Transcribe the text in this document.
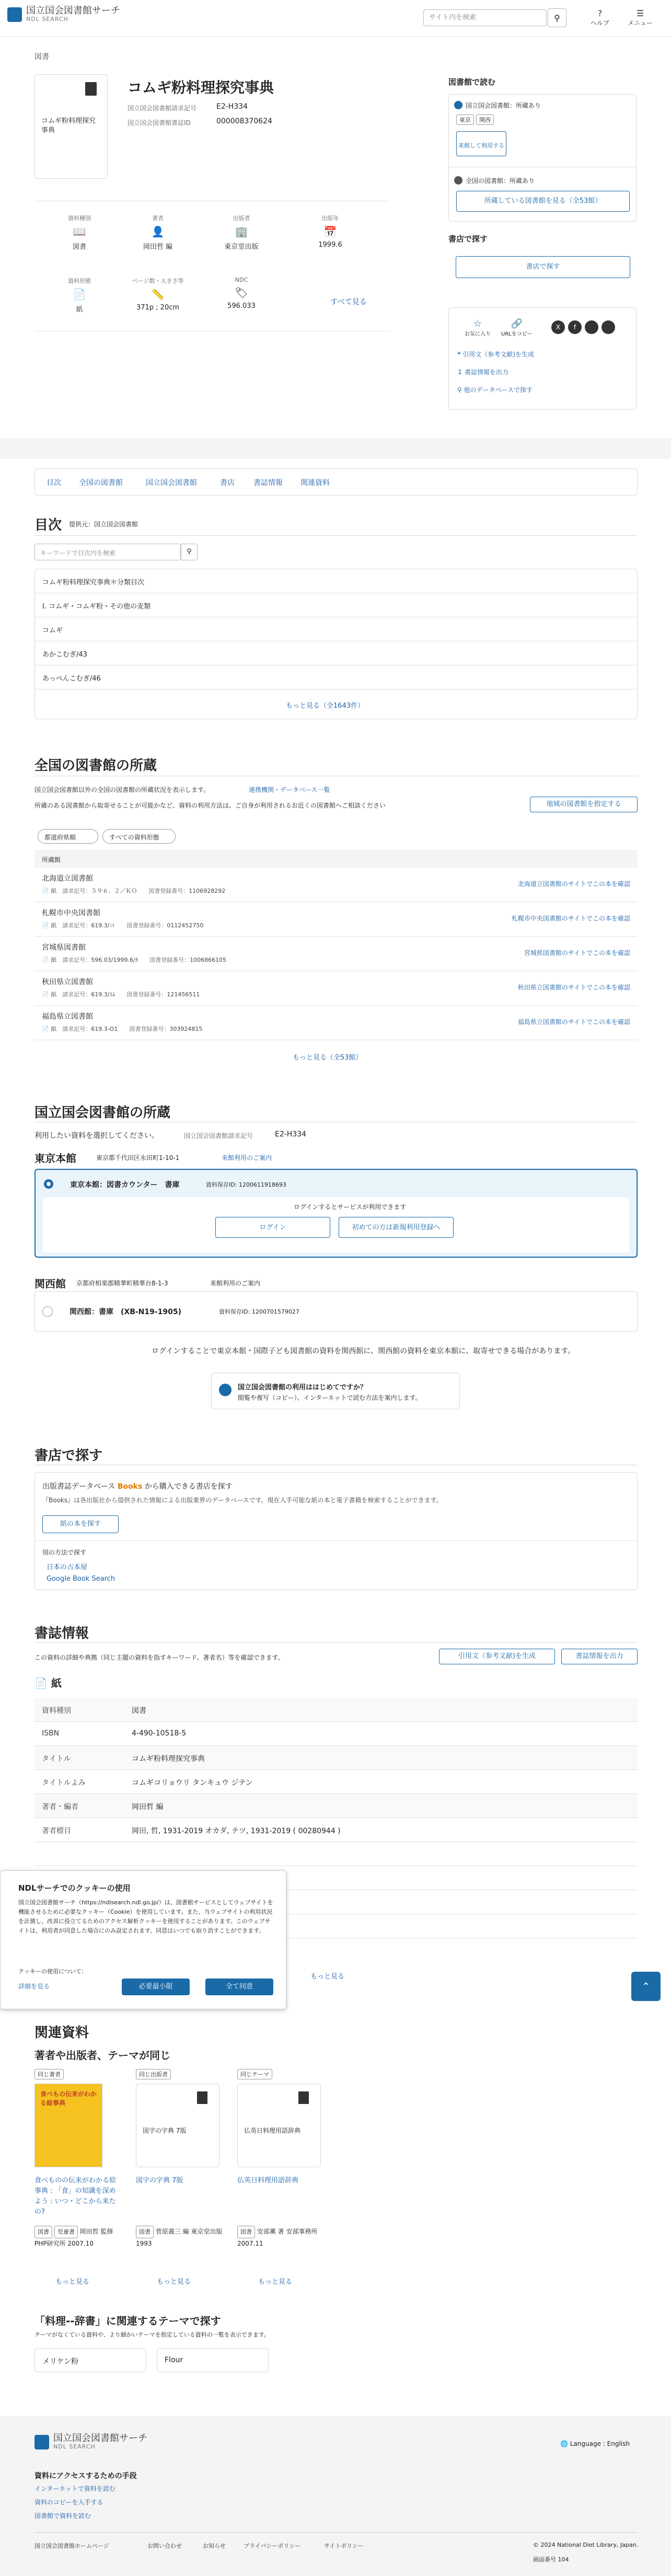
国立国会図書館サーチ
NDL SEARCH	サイト内を検索	⚲	?
ヘルプ
☰
メニュー
図書
コムギ粉料理探究事典
コムギ粉料理探究事典
国立国会図書館請求記号	E2-H334
国立国会図書館書誌ID	000008370624
資料種別
📖
図書
著者
👤
岡田哲 編
出版者
🏢
東京堂出版
出版年
📅
1999.6
資料形態
📄
紙
ページ数・大きさ等
📏
371p ; 20cm
NDC
🏷
596.033	すべて見る
図書館で読む
国立国会図書館：所蔵あり
東京 関西
来館して利用する
全国の図書館：所蔵あり
所蔵している図書館を見る（全53館）
書店で探す
書店で探す
☆
お気に入り
🔗
URLをコピー
X	f
❝ 引用文（参考文献)を生成
↧ 書誌情報を出力
⚲ 他のデータベースで探す
目次 全国の図書館	国立国会図書館	書店	書誌情報 関連資料
目次 提供元：国立国会図書館
キーワードで目次内を検索	⚲
コムギ粉料理探究事典＊分類目次
I. コムギ・コムギ粉・その他の麦類
コムギ
あかこむぎ/43
あっぺんこむぎ/46
もっと見る（全1643件）
全国の図書館の所蔵
国立国会図書館以外の全国の図書館の所蔵状況を表示します。	連携機関・データベース一覧
所蔵のある図書館から取寄せることが可能かなど、資料の利用方法は、ご自身が利用されるお近くの図書館へご相談ください	地域の図書館を指定する
都道府県順	すべての資料形態
所蔵館
北海道立図書館
📄 紙　 請求記号：５９６．２／ＫＯ　　 図書登録番号：1106928292
北海道立図書館のサイトでこの本を確認
札幌市中央図書館
📄 紙　 請求記号：619.3/コ　　 図書登録番号：0112452750
札幌市中央図書館のサイトでこの本を確認
宮城県図書館
📄 紙　 請求記号：596.03/1999.6/ｶ　　 図書登録番号：1006866105
宮城県図書館のサイトでこの本を確認
秋田県立図書館
📄 紙　 請求記号：619.3/ｺﾑ　　 図書登録番号：121456511
秋田県立図書館のサイトでこの本を確認
福島県立図書館
📄 紙　 請求記号：619.3-O1　　 図書登録番号：303924815
福島県立図書館のサイトでこの本を確認
もっと見る（全53館）
国立国会図書館の所蔵
利用したい資料を選択してください。	国立国会図書館請求記号	E2-H334
東京本館	東京都千代田区永田町1-10-1	来館利用のご案内
東京本館：図書カウンター　書庫	資料保存ID: 1200611918693
ログインするとサービスが利用できます
ログイン	初めての方は新規利用登録へ
関西館 京都府相楽郡精華町精華台8-1-3	来館利用のご案内
関西館：書庫　(XB-N19-1905)	資料保存ID: 1200701579027
ログインすることで東京本館・国際子ども図書館の資料を関西館に、関西館の資料を東京本館に、取寄せできる場合があります。
国立国会図書館の利用ははじめてですか？
閲覧や複写（コピー）、インターネットで読む方法を案内します。
書店で探す
出版書誌データベース Books から購入できる書店を探す
『Books』は各出版社から提供された情報による出版業界のデータベースです。現在入手可能な紙の本と電子書籍を検索することができます。
紙の本を探す
別の方法で探す
日本の古本屋
Google Book Search
書誌情報
この資料の詳細や典拠（同じ主題の資料を指すキーワード、著者名）等を確認できます。	引用文（参考文献)を生成	書誌情報を出力
📄 紙
資料種別	図書
ISBN	4-490-10518-5
タイトル	コムギ粉料理探究事典
タイトルよみ	コムギコリョウリ タンキュウ ジテン
著者・編者	岡田哲 編
著者標目	岡田, 哲, 1931-2019 オカダ, テツ, 1931-2019 ( 00280944 )
もっと見る
NDLサーチでのクッキーの使用
国立国会図書館サーチ（https://ndlsearch.ndl.go.jp/）は、図書館サービスとしてウェブサイトを機能させるために必要なクッキー（Cookie）を使用しています。また、当ウェブサイトの利用状況を計測し、改善に役立てるためのアクセス解析クッキーを使用することがあります。このウェブサイトは、利用者が同意した場合にのみ設定されます。同意はいつでも取り消すことができます。
クッキーの使用について：
詳細を見る	必要最小限	全て同意	⌃
関連資料
著者や出版者、テーマが同じ
同じ著者
食べもの伝来がわかる絵事典
食べものの伝来がわかる絵事典 : 「食」の知識を深めよう : いつ・どこから来たの?
図書 児童書 岡田哲 監修 PHP研究所 2007.10
もっと見る
同じ出版者
図字の字典 7版
図字の字典 7版
図書 菅原義三 編 東京堂出版 1993
もっと見る
同じテーマ
仏英日料理用語辞典
仏英日料理用語辞典
図書 安部薫 著 安部事務所 2007.11
もっと見る
「料理--辞書」に関連するテーマで探す
テーマがなくている資料や、より細かいテーマを指定している資料の一覧を表示できます。
メリケン粉	Flour
国立国会図書館サーチ
NDL SEARCH	🌐 Language : English
資料にアクセスするための手段
インターネットで資料を読む
資料のコピーを入手する
図書館で資料を読む
国立国会図書館ホームページ	お問い合わせ	お知らせ	プライバシーポリシー	サイトポリシー	© 2024 National Diet Library, Japan.
画面番号 104
